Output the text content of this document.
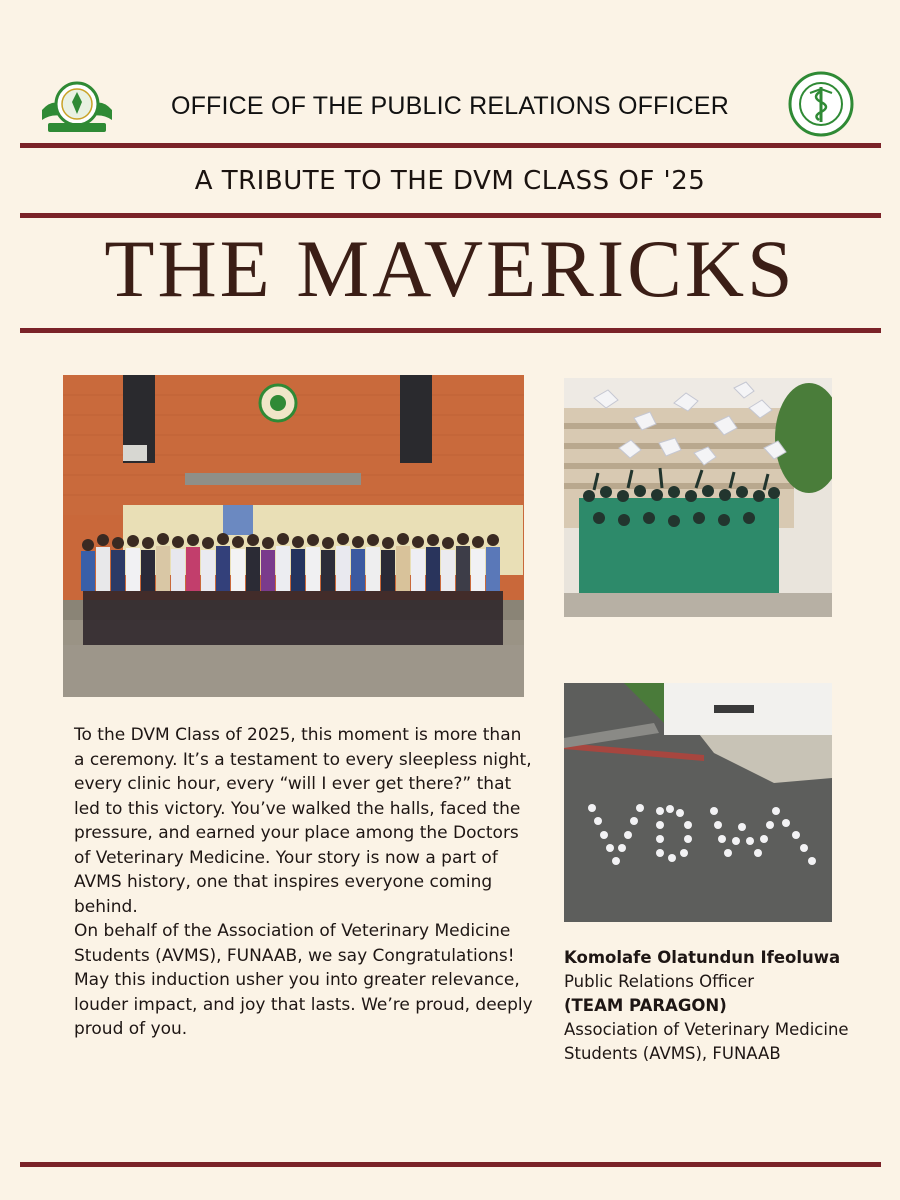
OFFICE OF THE PUBLIC RELATIONS OFFICER
A TRIBUTE TO THE DVM CLASS OF '25
THE MAVERICKS

To the DVM Class of 2025, this moment is more than a ceremony. It’s a testament to every sleepless night, every clinic hour, every “will I ever get there?” that led to this victory. You’ve walked the halls, faced the pressure, and earned your place among the Doctors of Veterinary Medicine. Your story is now a part of AVMS history, one that inspires everyone coming behind.

On behalf of the Association of Veterinary Medicine Students (AVMS), FUNAAB, we say Congratulations!

May this induction usher you into greater relevance, louder impact, and joy that lasts. We’re proud, deeply proud of you.

Komolafe Olatundun Ifeoluwa
Public Relations Officer
(TEAM PARAGON)
Association of Veterinary Medicine Students (AVMS), FUNAAB
